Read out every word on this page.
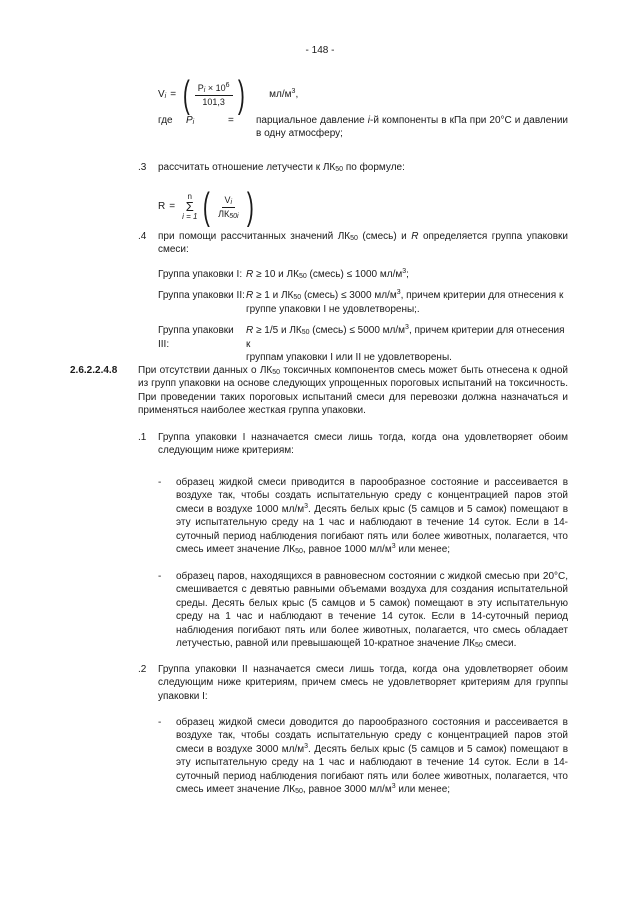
- 148 -
$V_i$ = ( $\frac{P_i \times 10^6}{101,3}$ ) $мл/м^3$,
где	$P_i$	=	парциальное давление i-й компоненты в кПа при 20°С и давлении в одну атмосферу;
.3	рассчитать отношение летучести к $ЛК_{50}$ по формуле:
R =
n
Σ
i = 1 ( $\frac{V_i}{ЛК_{50i}}$ )
.4	при помощи рассчитанных значений $ЛК_{50}$ (смесь) и R определяется группа упаковки смеси:
Группа упаковки I: R ≥ 10 и $ЛК_{50}$ (смесь) ≤ 1000 $мл/м^3$;
Группа упаковки II: R ≥ 1 и $ЛК_{50}$ (смесь) ≤ 3000 $мл/м^3$, причем критерии для отнесения к
группе упаковки I не удовлетворены;.
Группа упаковки III:
R ≥ 1/5 и $ЛК_{50}$ (смесь) ≤ 5000 $мл/м^3$, причем критерии для отнесения к
группам упаковки I или II не удовлетворены.
2.6.2.2.4.8	При отсутствии данных о $ЛК_{50}$ токсичных компонентов смесь может быть отнесена к одной из групп упаковки на основе следующих упрощенных пороговых испытаний на токсичность. При проведении таких пороговых испытаний смеси для перевозки должна назначаться и применяться наиболее жесткая группа упаковки.
.1	Группа упаковки I назначается смеси лишь тогда, когда она удовлетворяет обоим следующим ниже критериям:
-	образец жидкой смеси приводится в парообразное состояние и рассеивается в воздухе так, чтобы создать испытательную среду с концентрацией паров этой смеси в воздухе 1000 $мл/м^3$. Десять белых крыс (5 самцов и 5 самок) помещают в эту испытательную среду на 1 час и наблюдают в течение 14 суток. Если в 14-суточный период наблюдения погибают пять или более животных, полагается, что смесь имеет значение $ЛК_{50}$, равное 1000 $мл/м^3$ или менее;
-	образец паров, находящихся в равновесном состоянии с жидкой смесью при 20°С, смешивается с девятью равными объемами воздуха для создания испытательной среды. Десять белых крыс (5 самцов и 5 самок) помещают в эту испытательную среду на 1 час и наблюдают в течение 14 суток. Если в 14-суточный период наблюдения погибают пять или более животных, полагается, что смесь обладает летучестью, равной или превышающей 10-кратное значение $ЛК_{50}$ смеси.
.2	Группа упаковки II назначается смеси лишь тогда, когда она удовлетворяет обоим следующим ниже критериям, причем смесь не удовлетворяет критериям для группы упаковки I:
-	образец жидкой смеси доводится до парообразного состояния и рассеивается в воздухе так, чтобы создать испытательную среду с концентрацией паров этой смеси в воздухе 3000 $мл/м^3$. Десять белых крыс (5 самцов и 5 самок) помещают в эту испытательную среду на 1 час и наблюдают в течение 14 суток. Если в 14-суточный период наблюдения погибают пять или более животных, полагается, что смесь имеет значение $ЛК_{50}$, равное 3000 $мл/м^3$ или менее;
